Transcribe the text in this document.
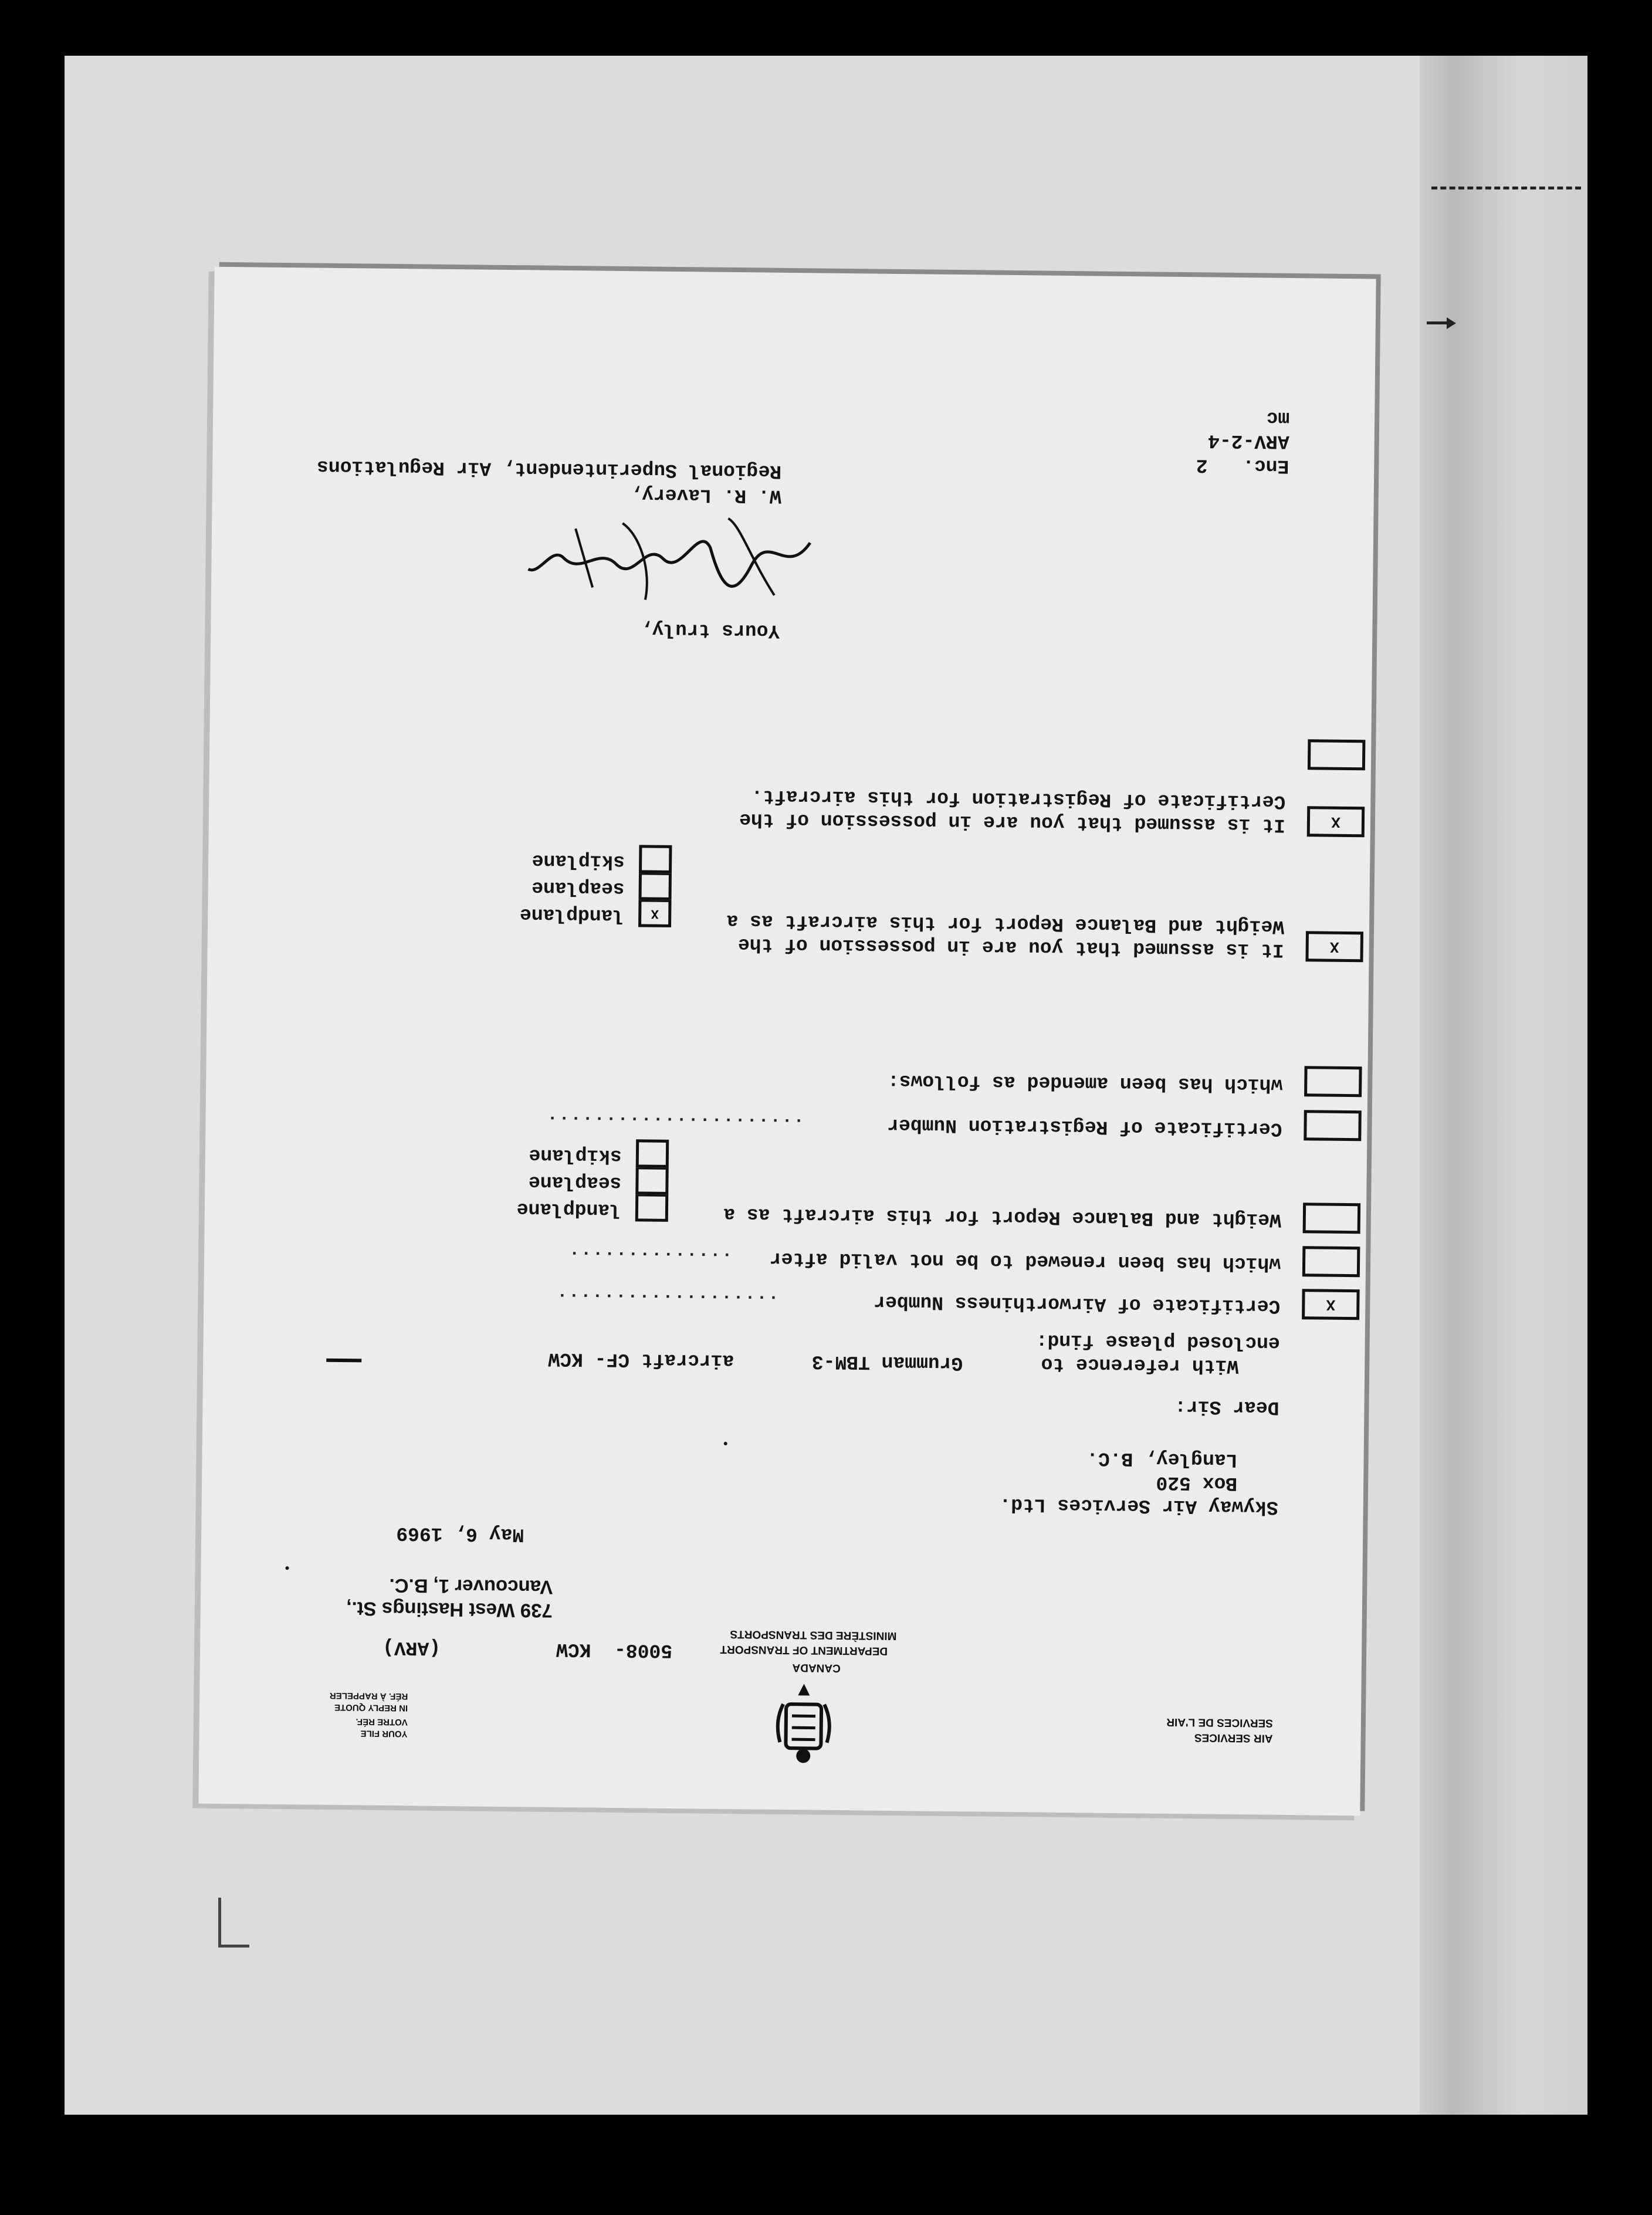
AIR SERVICES
SERVICES DE L'AIR
CANADA
DEPARTMENT OF TRANSPORT
MINISTÈRE DES TRANSPORTS
YOUR FILE
VOTRE RÉF.
IN REPLY QUOTE
RÉF. À RAPPELER
5008-  KCW
(ARV)
739 West Hastings St.,
Vancouver 1, B.C.
May 6, 1969
Skyway Air Services Ltd.
Box 520
Langley, B.C.
Dear Sir:
With reference to
Grumman TBM-3
aircraft CF- KCW
enclosed please find:
X
Certificate of Airworthiness Number
...................
which has been renewed to be not valid after
..............
Weight and Balance Report for this aircraft as a
landplane
seaplane
skiplane
Certificate of Registration Number
......................
which has been amended as follows:
X
It is assumed that you are in possession of the
Weight and Balance Report for this aircraft as a
X
landplane
seaplane
skiplane
X
It is assumed that you are in possession of the
Certificate of Registration for this aircraft.
Yours truly,
W. R. Lavery,
Regional Superintendent, Air Regulations	Enc.   2
ARV-2-4
mc
